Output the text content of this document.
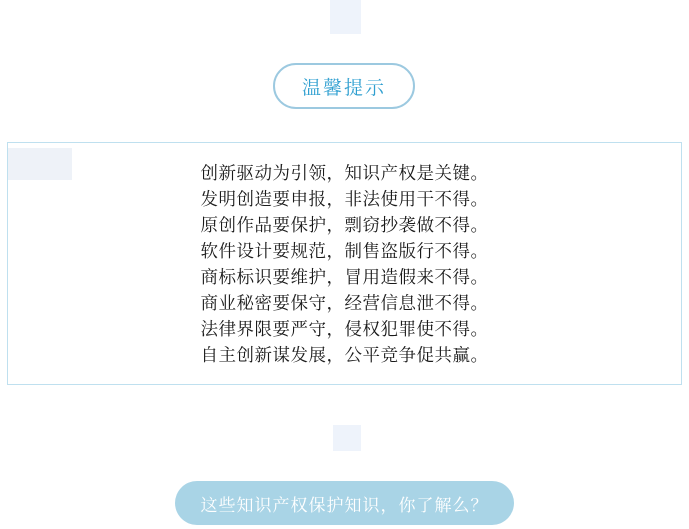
温馨提示
创新驱动为引领，知识产权是关键。
发明创造要申报，非法使用干不得。
原创作品要保护，剽窃抄袭做不得。
软件设计要规范，制售盗版行不得。
商标标识要维护，冒用造假来不得。
商业秘密要保守，经营信息泄不得。
法律界限要严守，侵权犯罪使不得。
自主创新谋发展，公平竞争促共赢。
这些知识产权保护知识，你了解么？
